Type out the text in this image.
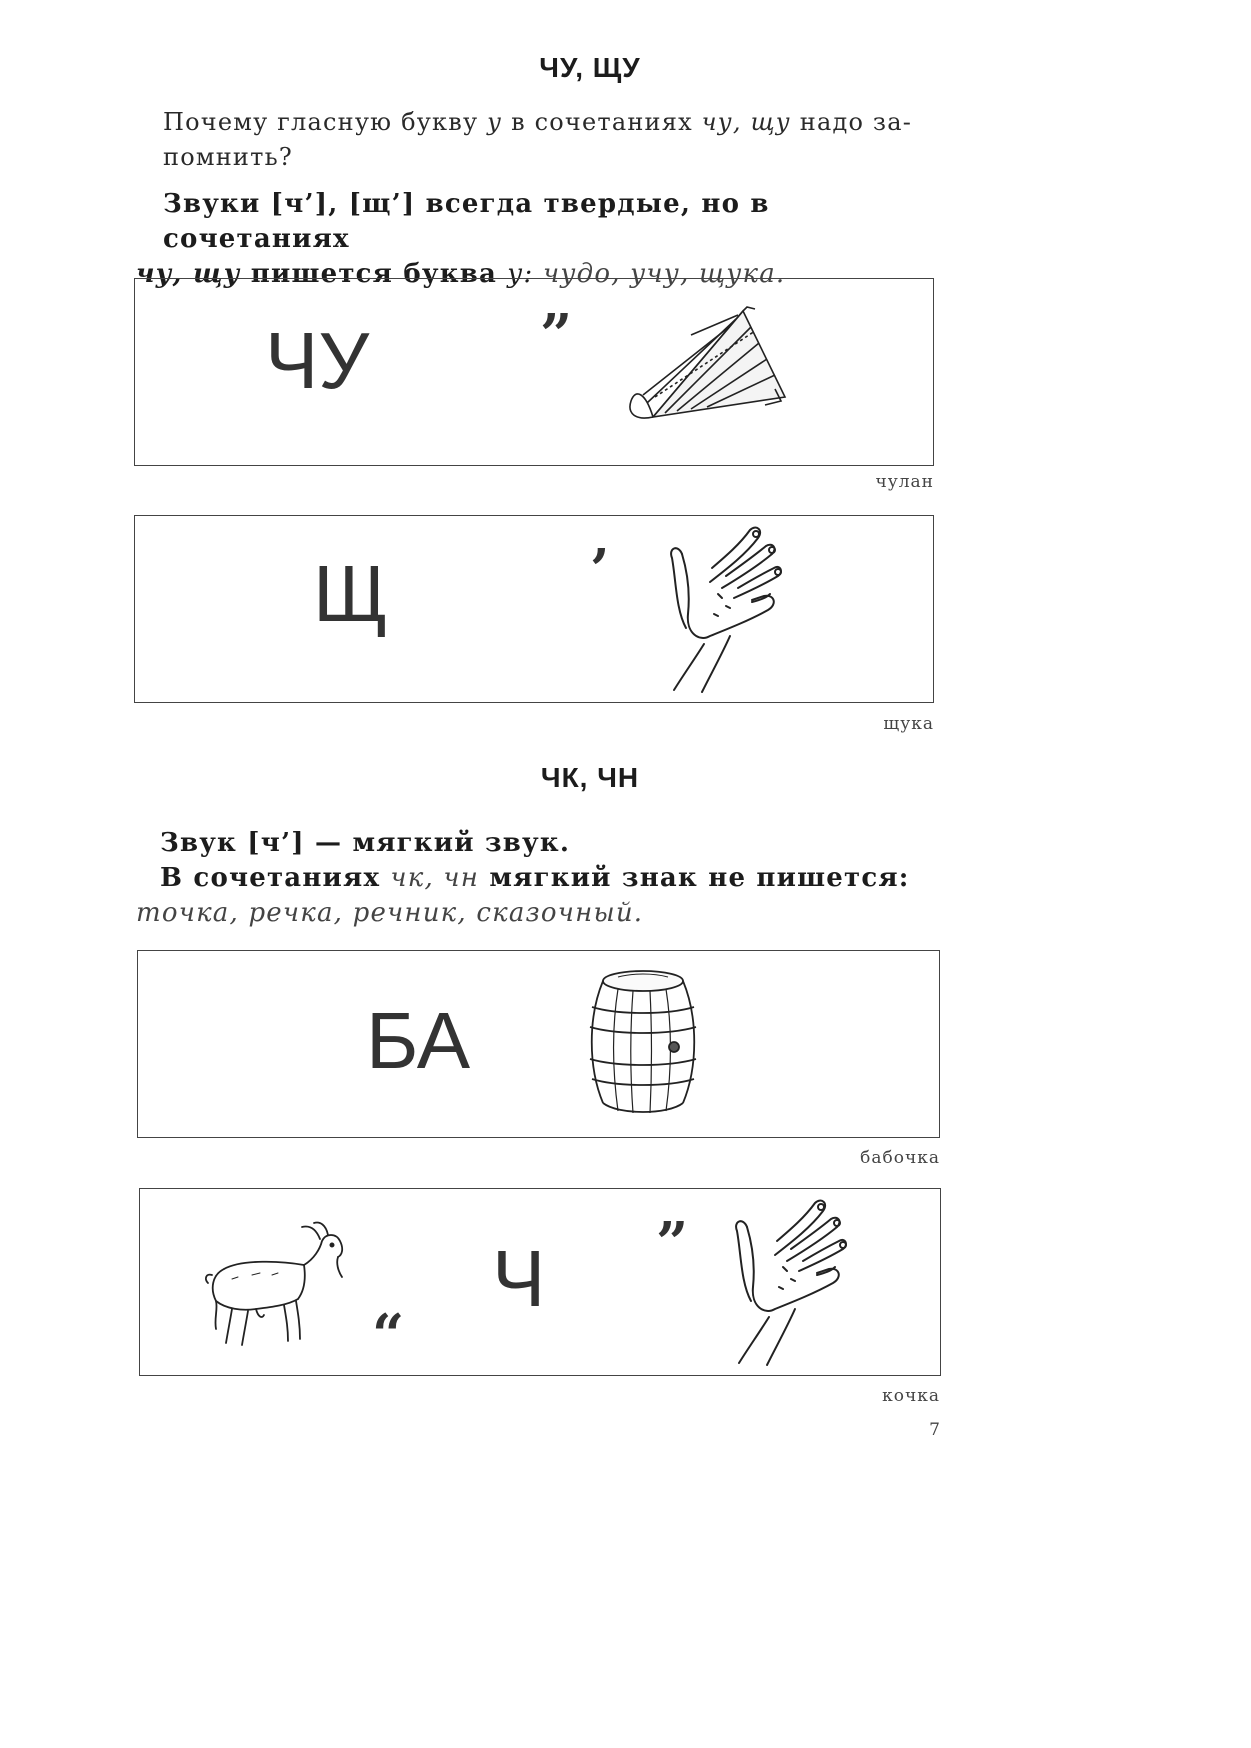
ЧУ, ЩУ
Почему гласную букву у в сочетаниях чу, щу надо за-
помнить?
Звуки [ч’], [щ’] всегда твердые, но в сочетаниях
чу, щу пишется буква у: чудо, учу, щука.
ЧУ	”
чулан
Щ	’
щука
ЧК, ЧН
Звук [ч’] — мягкий звук.
В сочетаниях чк, чн мягкий знак не пишется:
точка, речка, речник, сказочный.
БА
бабочка
“
Ч ”
кочка
7
